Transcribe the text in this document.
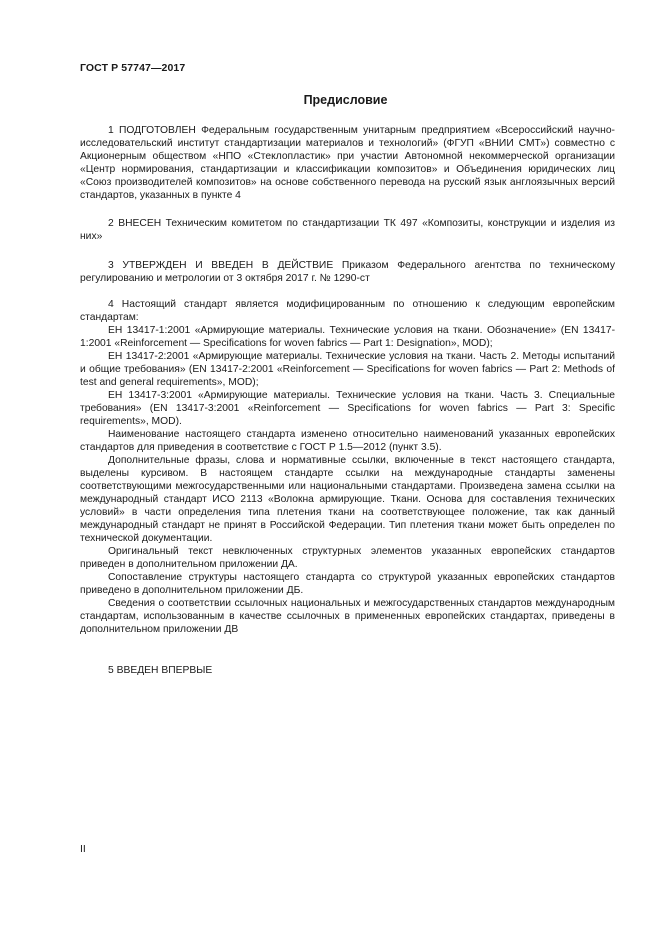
ГОСТ Р 57747—2017
Предисловие

1 ПОДГОТОВЛЕН Федеральным государственным унитарным предприятием «Всероссийский научно-исследовательский институт стандартизации материалов и технологий» (ФГУП «ВНИИ СМТ») совместно с Акционерным обществом «НПО «Стеклопластик» при участии Автономной некоммерческой организации «Центр нормирования, стандартизации и классификации композитов» и Объединения юридических лиц «Союз производителей композитов» на основе собственного перевода на русский язык англоязычных версий стандартов, указанных в пункте 4

2 ВНЕСЕН Техническим комитетом по стандартизации ТК 497 «Композиты, конструкции и изделия из них»

3 УТВЕРЖДЕН И ВВЕДЕН В ДЕЙСТВИЕ Приказом Федерального агентства по техническому регулированию и метрологии от 3 октября 2017 г. № 1290-ст

4 Настоящий стандарт является модифицированным по отношению к следующим европейским стандартам:

ЕН 13417-1:2001 «Армирующие материалы. Технические условия на ткани. Обозначение» (EN 13417-1:2001 «Reinforcement — Specifications for woven fabrics — Part 1: Designation», MOD);

ЕН 13417-2:2001 «Армирующие материалы. Технические условия на ткани. Часть 2. Методы испытаний и общие требования» (EN 13417-2:2001 «Reinforcement — Specifications for woven fabrics — Part 2: Methods of test and general requirements», MOD);

ЕН 13417-3:2001 «Армирующие материалы. Технические условия на ткани. Часть 3. Специальные требования» (EN 13417-3:2001 «Reinforcement — Specifications for woven fabrics — Part 3: Specific requirements», MOD).

Наименование настоящего стандарта изменено относительно наименований указанных европейских стандартов для приведения в соответствие с ГОСТ Р 1.5—2012 (пункт 3.5).

Дополнительные фразы, слова и нормативные ссылки, включенные в текст настоящего стандарта, выделены курсивом. В настоящем стандарте ссылки на международные стандарты заменены соответствующими межгосударственными или национальными стандартами. Произведена замена ссылки на международный стандарт ИСО 2113 «Волокна армирующие. Ткани. Основа для составления технических условий» в части определения типа плетения ткани на соответствующее положение, так как данный международный стандарт не принят в Российской Федерации. Тип плетения ткани может быть определен по технической документации.

Оригинальный текст невключенных структурных элементов указанных европейских стандартов приведен в дополнительном приложении ДА.

Сопоставление структуры настоящего стандарта со структурой указанных европейских стандартов приведено в дополнительном приложении ДБ.

Сведения о соответствии ссылочных национальных и межгосударственных стандартов международным стандартам, использованным в качестве ссылочных в примененных европейских стандартах, приведены в дополнительном приложении ДВ

5 ВВЕДЕН ВПЕРВЫЕ

II
